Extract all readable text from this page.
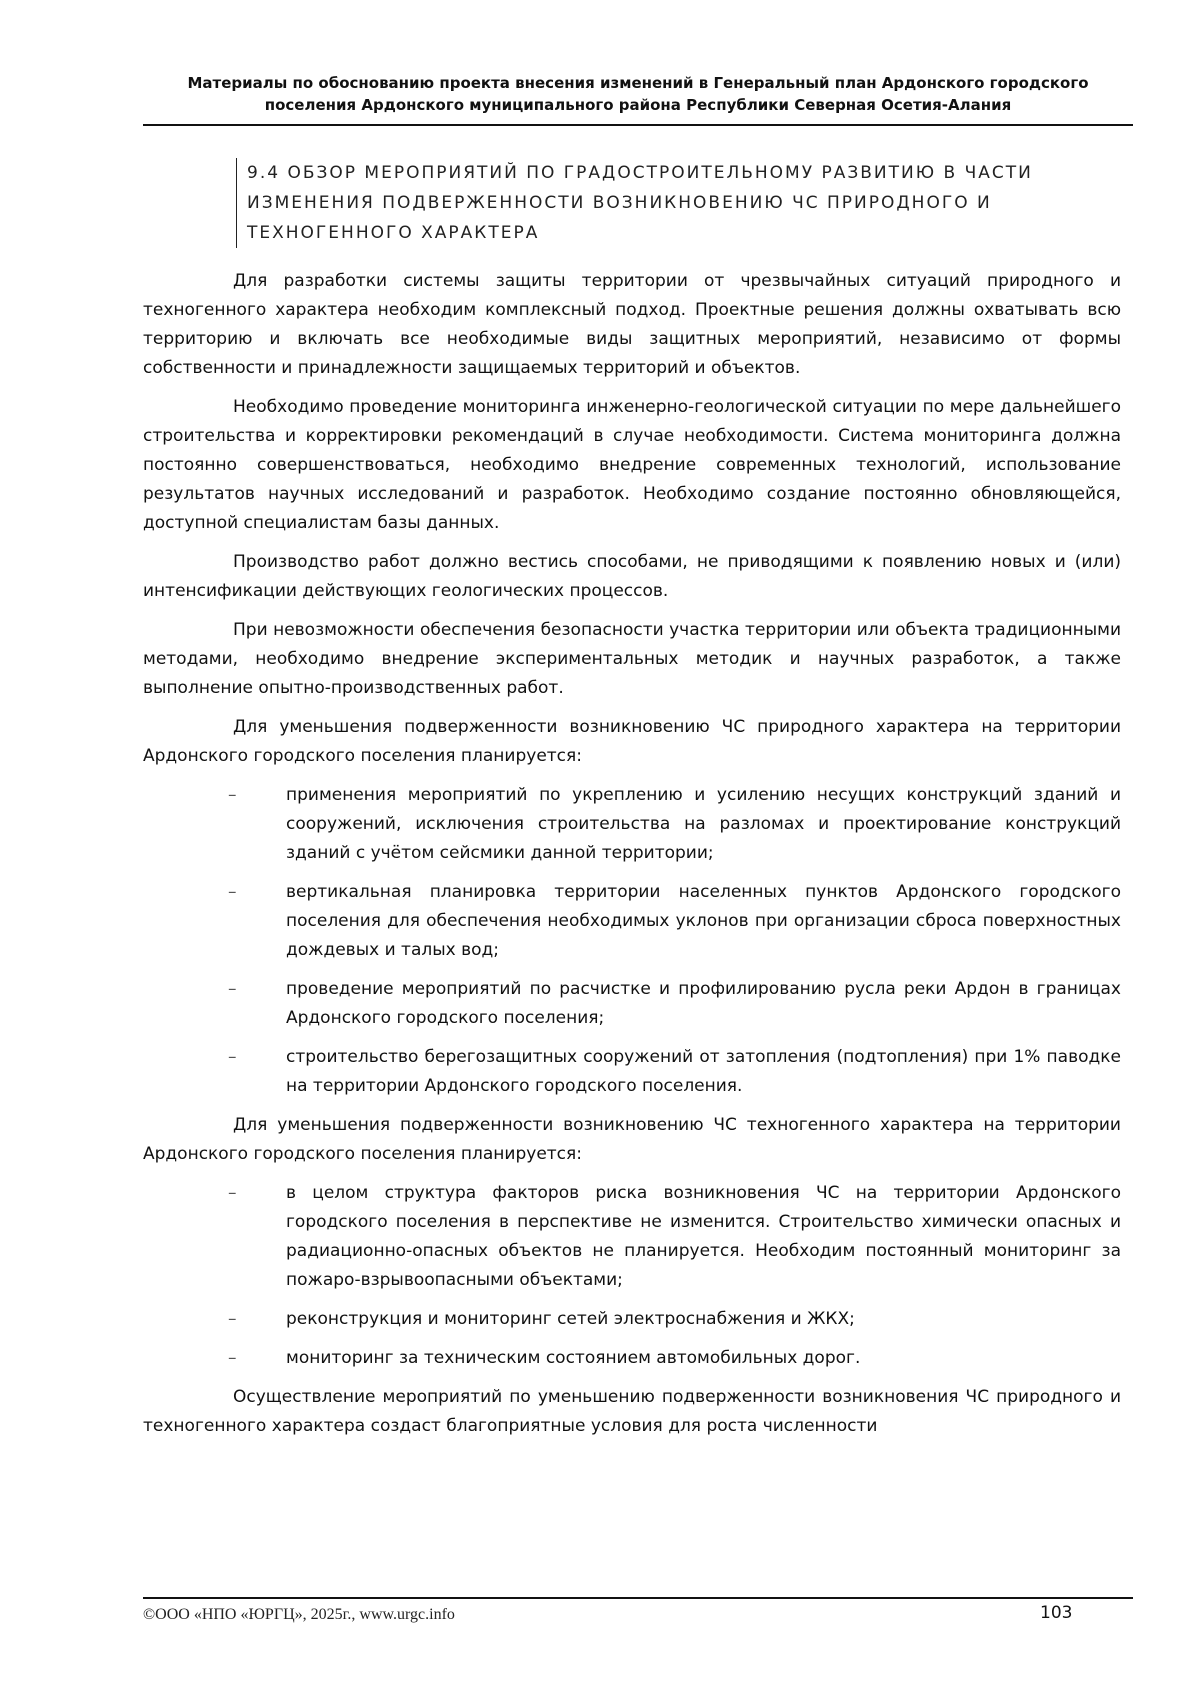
Материалы по обоснованию проекта внесения изменений в Генеральный план Ардонского городского
поселения Ардонского муниципального района Республики Северная Осетия-Алания
9.4 ОБЗОР МЕРОПРИЯТИЙ ПО ГРАДОСТРОИТЕЛЬНОМУ РАЗВИТИЮ В ЧАСТИ
ИЗМЕНЕНИЯ ПОДВЕРЖЕННОСТИ ВОЗНИКНОВЕНИЮ ЧС ПРИРОДНОГО И
ТЕХНОГЕННОГО ХАРАКТЕРА

Для разработки системы защиты территории от чрезвычайных ситуаций природного и техногенного характера необходим комплексный подход. Проектные решения должны охватывать всю территорию и включать все необходимые виды защитных мероприятий, независимо от формы собственности и принадлежности защищаемых территорий и объектов.

Необходимо проведение мониторинга инженерно-геологической ситуации по мере дальнейшего строительства и корректировки рекомендаций в случае необходимости. Система мониторинга должна постоянно совершенствоваться, необходимо внедрение современных технологий, использование результатов научных исследований и разработок. Необходимо создание постоянно обновляющейся, доступной специалистам базы данных.

Производство работ должно вестись способами, не приводящими к появлению новых и (или) интенсификации действующих геологических процессов.

При невозможности обеспечения безопасности участка территории или объекта традиционными методами, необходимо внедрение экспериментальных методик и научных разработок, а также выполнение опытно-производственных работ.

Для уменьшения подверженности возникновению ЧС природного характера на территории Ардонского городского поселения планируется:

–	применения мероприятий по укреплению и усилению несущих конструкций зданий и сооружений, исключения строительства на разломах и проектирование конструкций зданий с учётом сейсмики данной территории;
–	вертикальная планировка территории населенных пунктов Ардонского городского поселения для обеспечения необходимых уклонов при организации сброса поверхностных дождевых и талых вод;
–	проведение мероприятий по расчистке и профилированию русла реки Ардон в границах Ардонского городского поселения;
–	строительство берегозащитных сооружений от затопления (подтопления) при 1% паводке на территории Ардонского городского поселения.

Для уменьшения подверженности возникновению ЧС техногенного характера на территории Ардонского городского поселения планируется:

–	в целом структура факторов риска возникновения ЧС на территории Ардонского городского поселения в перспективе не изменится. Строительство химически опасных и радиационно-опасных объектов не планируется. Необходим постоянный мониторинг за пожаро-взрывоопасными объектами;
–	реконструкция и мониторинг сетей электроснабжения и ЖКХ;
–	мониторинг за техническим состоянием автомобильных дорог.

Осуществление мероприятий по уменьшению подверженности возникновения ЧС природного и техногенного характера создаст благоприятные условия для роста численности

©ООО «НПО «ЮРГЦ», 2025г., www.urgc.info	103
